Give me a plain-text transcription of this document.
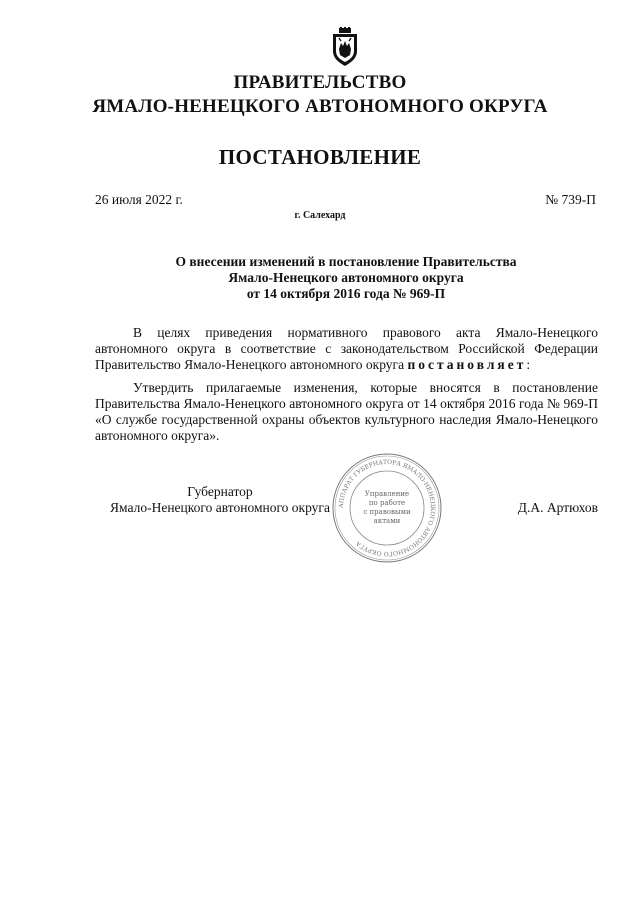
ПРАВИТЕЛЬСТВО
ЯМАЛО-НЕНЕЦКОГО АВТОНОМНОГО ОКРУГА
ПОСТАНОВЛЕНИЕ
26 июля 2022 г.	№ 739-П
г. Салехард
О внесении изменений в постановление Правительства
Ямало-Ненецкого автономного округа
от 14 октября 2016 года № 969-П
В целях приведения нормативного правового акта Ямало-Ненецкого автономного округа в соответствие с законодательством Российской Федерации Правительство Ямало-Ненецкого автономного округа постановляет:
Утвердить прилагаемые изменения, которые вносятся в постановление Правительства Ямало-Ненецкого автономного округа от 14 октября 2016 года № 969-П «О службе государственной охраны объектов культурного наследия Ямало-Ненецкого автономного округа».
Губернатор
Ямало-Ненецкого автономного округа	АППАРАТ ГУБЕРНАТОРА ЯМАЛО-НЕНЕЦКОГО АВТОНОМНОГО ОКРУГА
Управление
по работе
с правовыми
актами
Д.А. Артюхов
